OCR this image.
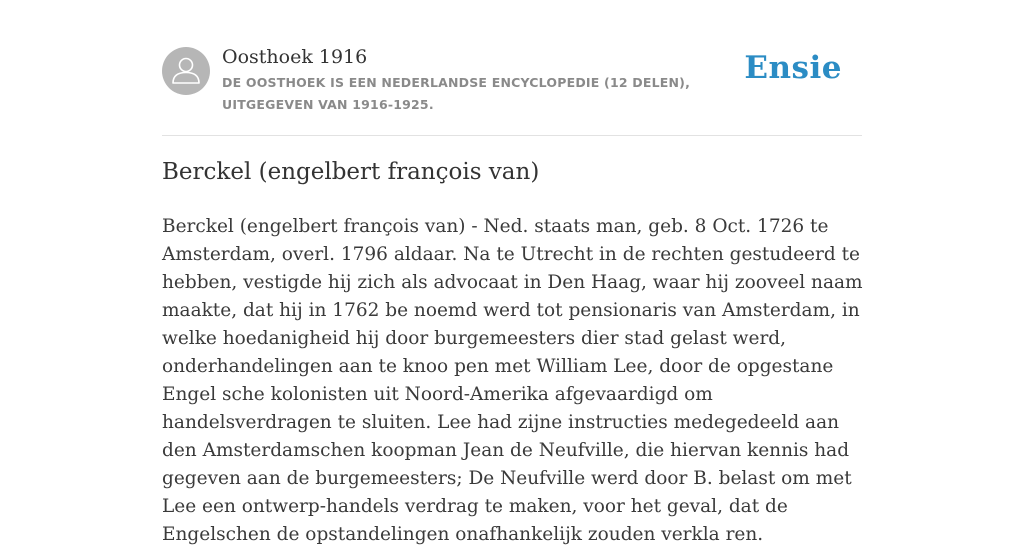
Oosthoek 1916
DE OOSTHOEK IS EEN NEDERLANDSE ENCYCLOPEDIE (12 DELEN), UITGEGEVEN VAN 1916-1925.
Ensie
Berckel (engelbert françois van)

Berckel (engelbert françois van) - Ned. staats man, geb. 8 Oct. 1726 te Amsterdam, overl. 1796 aldaar. Na te Utrecht in de rechten gestudeerd te hebben, vestigde hij zich als advocaat in Den Haag, waar hij zooveel naam maakte, dat hij in 1762 be noemd werd tot pensionaris van Amsterdam, in welke hoedanigheid hij door burgemeesters dier stad gelast werd, onderhandelingen aan te knoo pen met William Lee, door de opgestane Engel sche kolonisten uit Noord-Amerika afgevaardigd om handelsverdragen te sluiten. Lee had zijne instructies medegedeeld aan den Amsterdamschen koopman Jean de Neufville, die hiervan kennis had gegeven aan de burgemeesters; De Neufville werd door B. belast om met Lee een ontwerp-handels verdrag te maken, voor het geval, dat de Engelschen de opstandelingen onafhankelijk zouden verkla ren.
